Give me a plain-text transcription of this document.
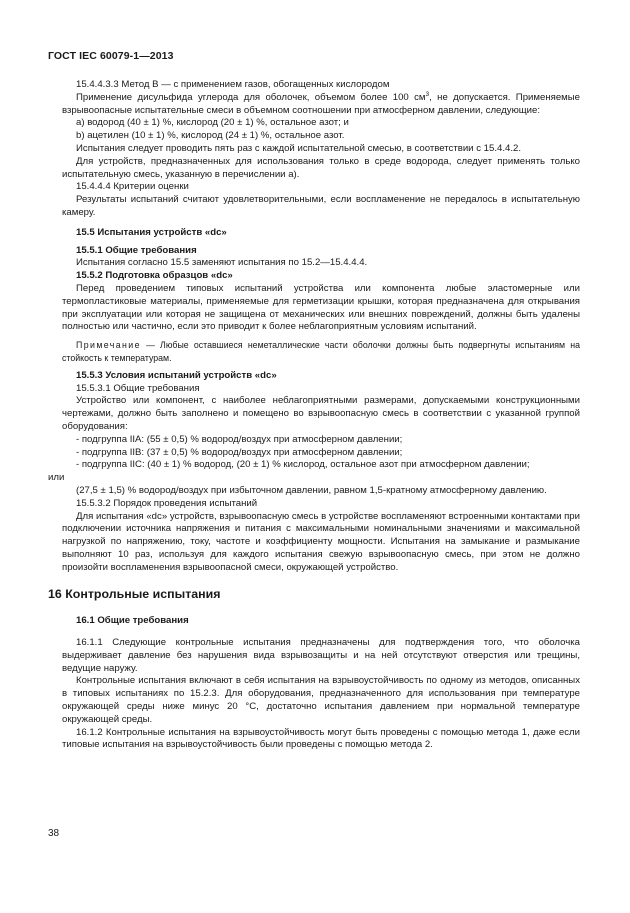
ГОСТ IEC 60079-1—2013

15.4.4.3.3 Метод В — с применением газов, обогащенных кислородом

Применение дисульфида углерода для оболочек, объемом более 100 $см^3$, не допускается. Применяемые взрывоопасные испытательные смеси в объемном соотношении при атмосферном давлении, следующие:

a) водород (40 ± 1) %, кислород (20 ± 1) %, остальное азот; и

b) ацетилен (10 ± 1) %, кислород (24 ± 1) %, остальное азот.

Испытания следует проводить пять раз с каждой испытательной смесью, в соответствии с 15.4.4.2.

Для устройств, предназначенных для использования только в среде водорода, следует применять только испытательную смесь, указанную в перечислении a).

15.4.4.4 Критерии оценки

Результаты испытаний считают удовлетворительными, если воспламенение не передалось в испытательную камеру.

15.5 Испытания устройств «dc»

15.5.1 Общие требования

Испытания согласно 15.5 заменяют испытания по 15.2—15.4.4.4.

15.5.2 Подготовка образцов «dc»

Перед проведением типовых испытаний устройства или компонента любые эластомерные или термопластиковые материалы, применяемые для герметизации крышки, которая предназначена для открывания при эксплуатации или которая не защищена от механических или внешних повреждений, должны быть удалены полностью или частично, если это приводит к более неблагоприятным условиям испытаний.

Примечание — Любые оставшиеся неметаллические части оболочки должны быть подвергнуты испытаниям на стойкость к температурам.

15.5.3 Условия испытаний устройств «dc»

15.5.3.1 Общие требования

Устройство или компонент, с наиболее неблагоприятными размерами, допускаемыми конструкционными чертежами, должно быть заполнено и помещено во взрывоопасную смесь в соответствии с указанной группой оборудования:

- подгруппа IIA: (55 ± 0,5) % водород/воздух при атмосферном давлении;

- подгруппа IIB: (37 ± 0,5) % водород/воздух при атмосферном давлении;

- подгруппа IIC: (40 ± 1) % водород, (20 ± 1) % кислород, остальное азот при атмосферном давлении;

или

(27,5 ± 1,5) % водород/воздух при избыточном давлении, равном 1,5-кратному атмосферному давлению.

15.5.3.2 Порядок проведения испытаний

Для испытания «dc» устройств, взрывоопасную смесь в устройстве воспламеняют встроенными контактами при подключении источника напряжения и питания с максимальными номинальными значениями и максимальной нагрузкой по напряжению, току, частоте и коэффициенту мощности. Испытания на замыкание и размыкание выполняют 10 раз, используя для каждого испытания свежую взрывоопасную смесь, при этом не должно произойти воспламенения взрывоопасной смеси, окружающей устройство.

16 Контрольные испытания

16.1 Общие требования

16.1.1 Следующие контрольные испытания предназначены для подтверждения того, что оболочка выдерживает давление без нарушения вида взрывозащиты и на ней отсутствуют отверстия или трещины, ведущие наружу.

Контрольные испытания включают в себя испытания на взрывоустойчивость по одному из методов, описанных в типовых испытаниях по 15.2.3. Для оборудования, предназначенного для использования при температуре окружающей среды ниже минус 20 °С, достаточно испытания давлением при нормальной температуре окружающей среды.

16.1.2 Контрольные испытания на взрывоустойчивость могут быть проведены с помощью метода 1, даже если типовые испытания на взрывоустойчивость были проведены с помощью метода 2.

38
